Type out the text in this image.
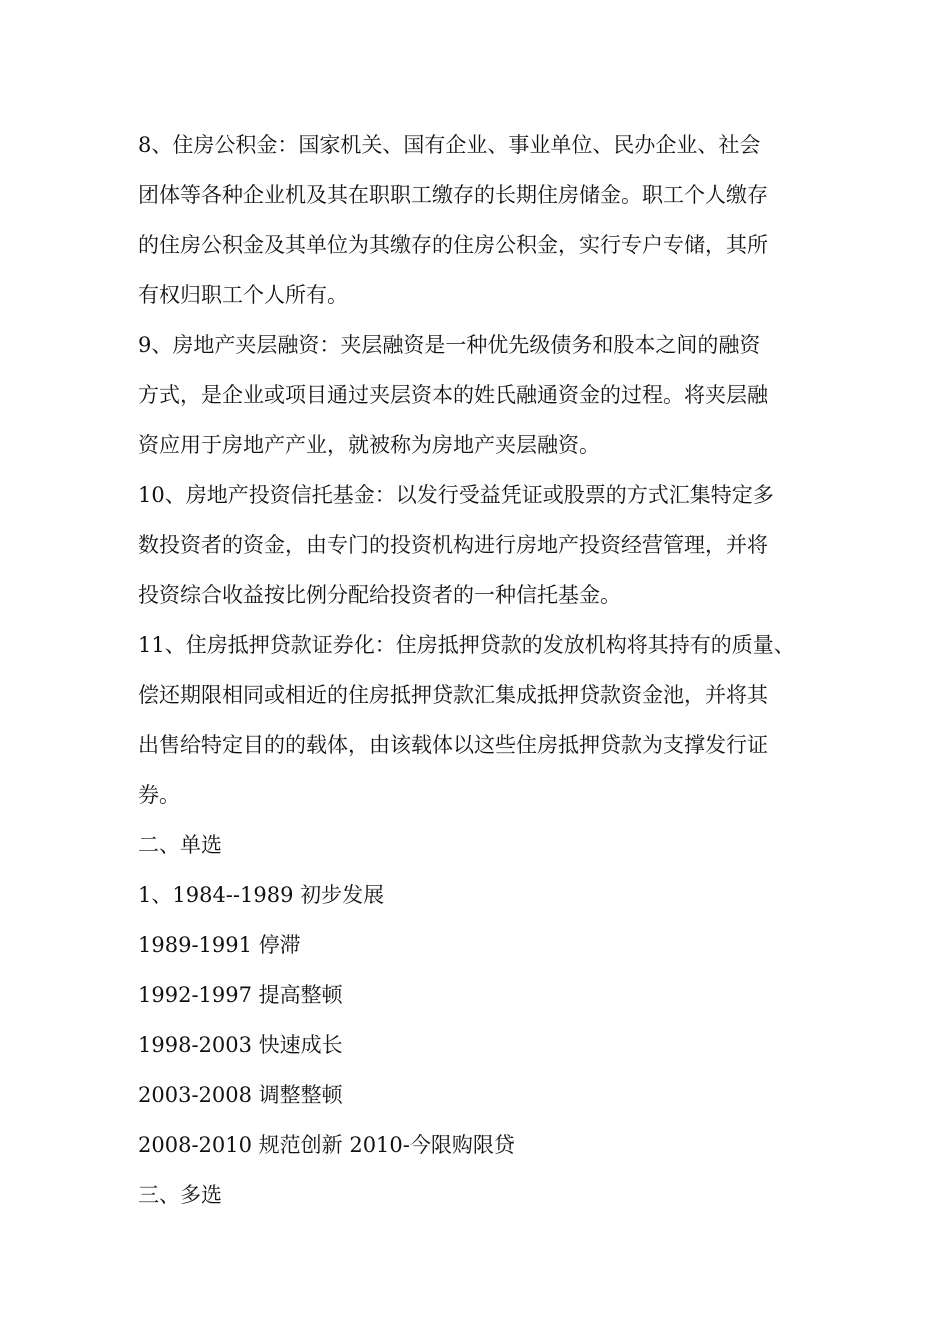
8、住房公积金：国家机关、国有企业、事业单位、民办企业、社会
团体等各种企业机及其在职职工缴存的长期住房储金。职工个人缴存
的住房公积金及其单位为其缴存的住房公积金，实行专户专储，其所
有权归职工个人所有。
9、房地产夹层融资：夹层融资是一种优先级债务和股本之间的融资
方式，是企业或项目通过夹层资本的姓氏融通资金的过程。将夹层融
资应用于房地产产业，就被称为房地产夹层融资。
10、房地产投资信托基金：以发行受益凭证或股票的方式汇集特定多
数投资者的资金，由专门的投资机构进行房地产投资经营管理，并将
投资综合收益按比例分配给投资者的一种信托基金。
11、住房抵押贷款证券化：住房抵押贷款的发放机构将其持有的质量、
偿还期限相同或相近的住房抵押贷款汇集成抵押贷款资金池，并将其
出售给特定目的的载体，由该载体以这些住房抵押贷款为支撑发行证
券。
二、单选
1、1984--1989 初步发展
1989-1991 停滞
1992-1997 提高整顿
1998-2003 快速成长
2003-2008 调整整顿
2008-2010 规范创新 2010-今限购限贷
三、多选
